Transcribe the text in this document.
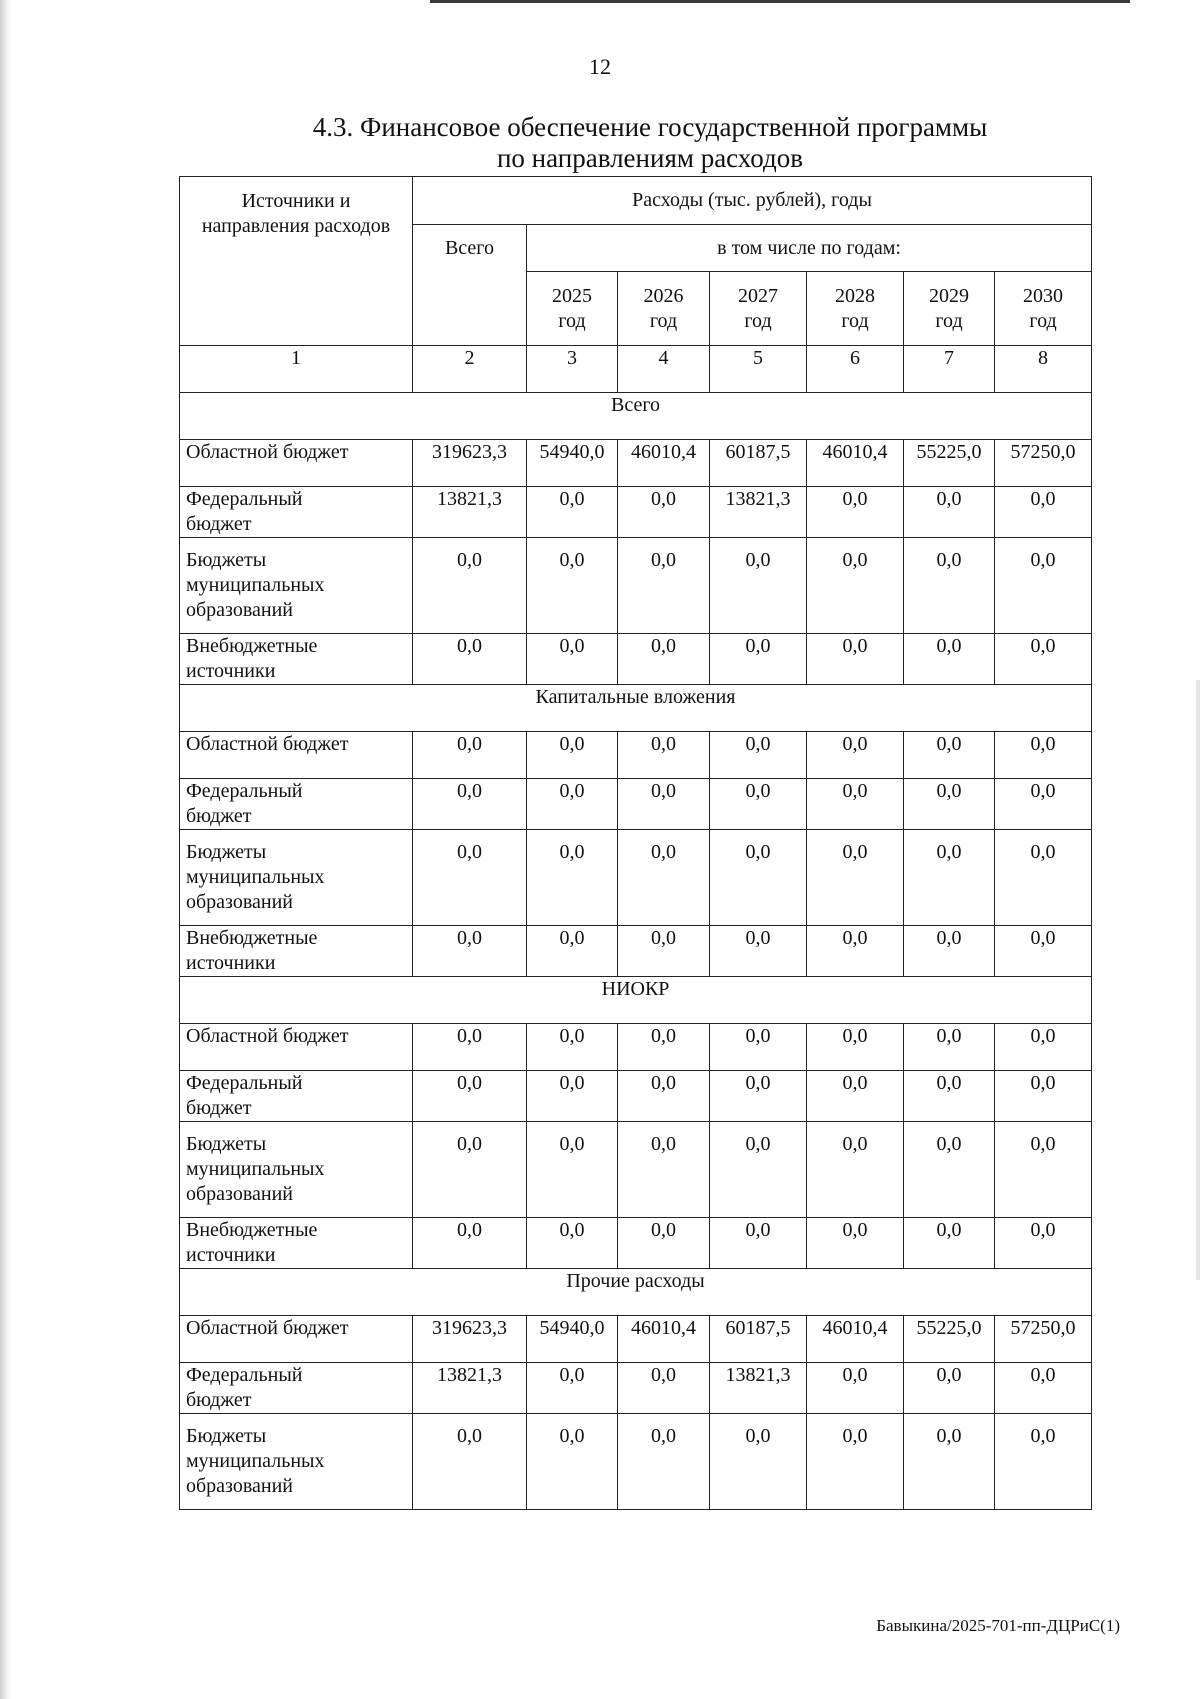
12
4.3. Финансовое обеспечение государственной программы
по направлениям расходов
Источники и направления расходов	Расходы (тыс. рублей), годы						
	Всего	в том числе по годам:					
		2025 год	2026 год	2027 год	2028 год	2029 год	2030 год
1	2	3	4	5	6	7	8
Всего							
Областной бюджет	319623,3	54940,0	46010,4	60187,5	46010,4	55225,0	57250,0
Федеральный бюджет	13821,3	0,0	0,0	13821,3	0,0	0,0	0,0
Бюджеты муниципальных образований	0,0	0,0	0,0	0,0	0,0	0,0	0,0
Внебюджетные источники	0,0	0,0	0,0	0,0	0,0	0,0	0,0
Капитальные вложения							
Областной бюджет	0,0	0,0	0,0	0,0	0,0	0,0	0,0
Федеральный бюджет	0,0	0,0	0,0	0,0	0,0	0,0	0,0
Бюджеты муниципальных образований	0,0	0,0	0,0	0,0	0,0	0,0	0,0
Внебюджетные источники	0,0	0,0	0,0	0,0	0,0	0,0	0,0
НИОКР							
Областной бюджет	0,0	0,0	0,0	0,0	0,0	0,0	0,0
Федеральный бюджет	0,0	0,0	0,0	0,0	0,0	0,0	0,0
Бюджеты муниципальных образований	0,0	0,0	0,0	0,0	0,0	0,0	0,0
Внебюджетные источники	0,0	0,0	0,0	0,0	0,0	0,0	0,0
Прочие расходы							
Областной бюджет	319623,3	54940,0	46010,4	60187,5	46010,4	55225,0	57250,0
Федеральный бюджет	13821,3	0,0	0,0	13821,3	0,0	0,0	0,0
Бюджеты муниципальных образований	0,0	0,0	0,0	0,0	0,0	0,0	0,0
Бавыкина/2025-701-пп-ДЦРиС(1)
